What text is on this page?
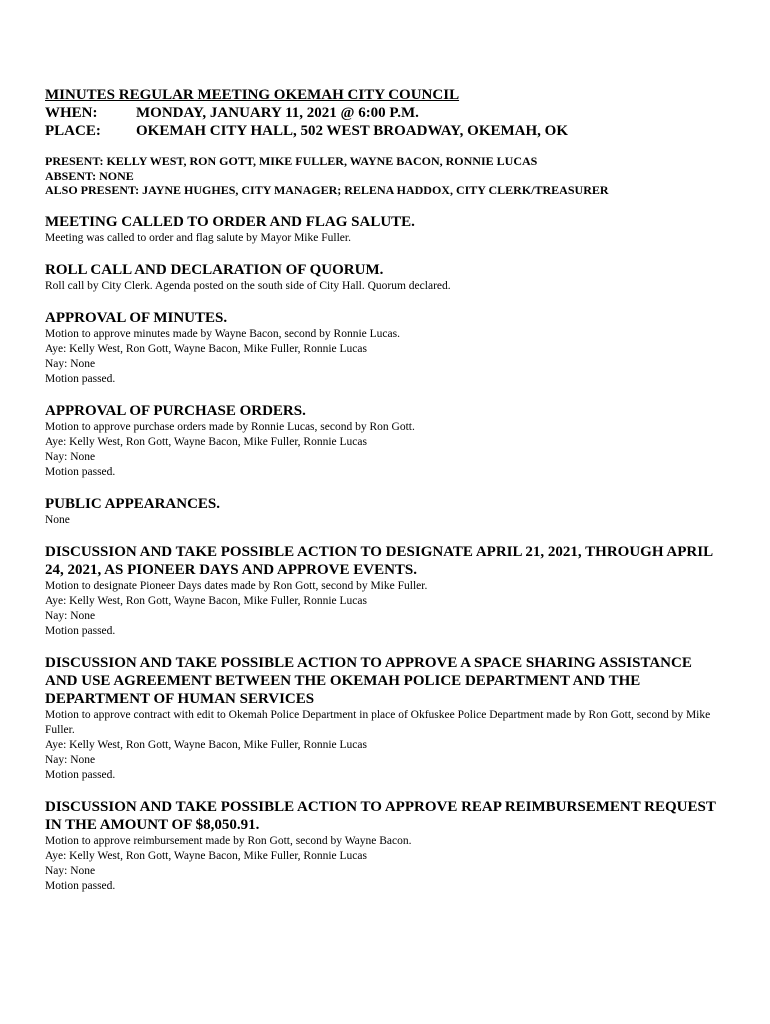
MINUTES REGULAR MEETING OKEMAH CITY COUNCIL
WHEN:	MONDAY, JANUARY 11, 2021 @ 6:00 P.M.
PLACE:	OKEMAH CITY HALL, 502 WEST BROADWAY, OKEMAH, OK
PRESENT: KELLY WEST, RON GOTT, MIKE FULLER, WAYNE BACON, RONNIE LUCAS
ABSENT: NONE
ALSO PRESENT: JAYNE HUGHES, CITY MANAGER; RELENA HADDOX, CITY CLERK/TREASURER
MEETING CALLED TO ORDER AND FLAG SALUTE.
Meeting was called to order and flag salute by Mayor Mike Fuller.
ROLL CALL AND DECLARATION OF QUORUM.
Roll call by City Clerk. Agenda posted on the south side of City Hall. Quorum declared.
APPROVAL OF MINUTES.
Motion to approve minutes made by Wayne Bacon, second by Ronnie Lucas.
Aye: Kelly West, Ron Gott, Wayne Bacon, Mike Fuller, Ronnie Lucas
Nay: None
Motion passed.
APPROVAL OF PURCHASE ORDERS.
Motion to approve purchase orders made by Ronnie Lucas, second by Ron Gott.
Aye: Kelly West, Ron Gott, Wayne Bacon, Mike Fuller, Ronnie Lucas
Nay: None
Motion passed.
PUBLIC APPEARANCES.
None
DISCUSSION AND TAKE POSSIBLE ACTION TO DESIGNATE APRIL 21, 2021, THROUGH APRIL 24, 2021, AS PIONEER DAYS AND APPROVE EVENTS.
Motion to designate Pioneer Days dates made by Ron Gott, second by Mike Fuller.
Aye: Kelly West, Ron Gott, Wayne Bacon, Mike Fuller, Ronnie Lucas
Nay: None
Motion passed.
DISCUSSION AND TAKE POSSIBLE ACTION TO APPROVE A SPACE SHARING ASSISTANCE AND USE AGREEMENT BETWEEN THE OKEMAH POLICE DEPARTMENT AND THE DEPARTMENT OF HUMAN SERVICES
Motion to approve contract with edit to Okemah Police Department in place of Okfuskee Police Department made by Ron Gott, second by Mike Fuller.
Aye: Kelly West, Ron Gott, Wayne Bacon, Mike Fuller, Ronnie Lucas
Nay: None
Motion passed.
DISCUSSION AND TAKE POSSIBLE ACTION TO APPROVE REAP REIMBURSEMENT REQUEST IN THE AMOUNT OF $8,050.91.
Motion to approve reimbursement made by Ron Gott, second by Wayne Bacon.
Aye: Kelly West, Ron Gott, Wayne Bacon, Mike Fuller, Ronnie Lucas
Nay: None
Motion passed.
